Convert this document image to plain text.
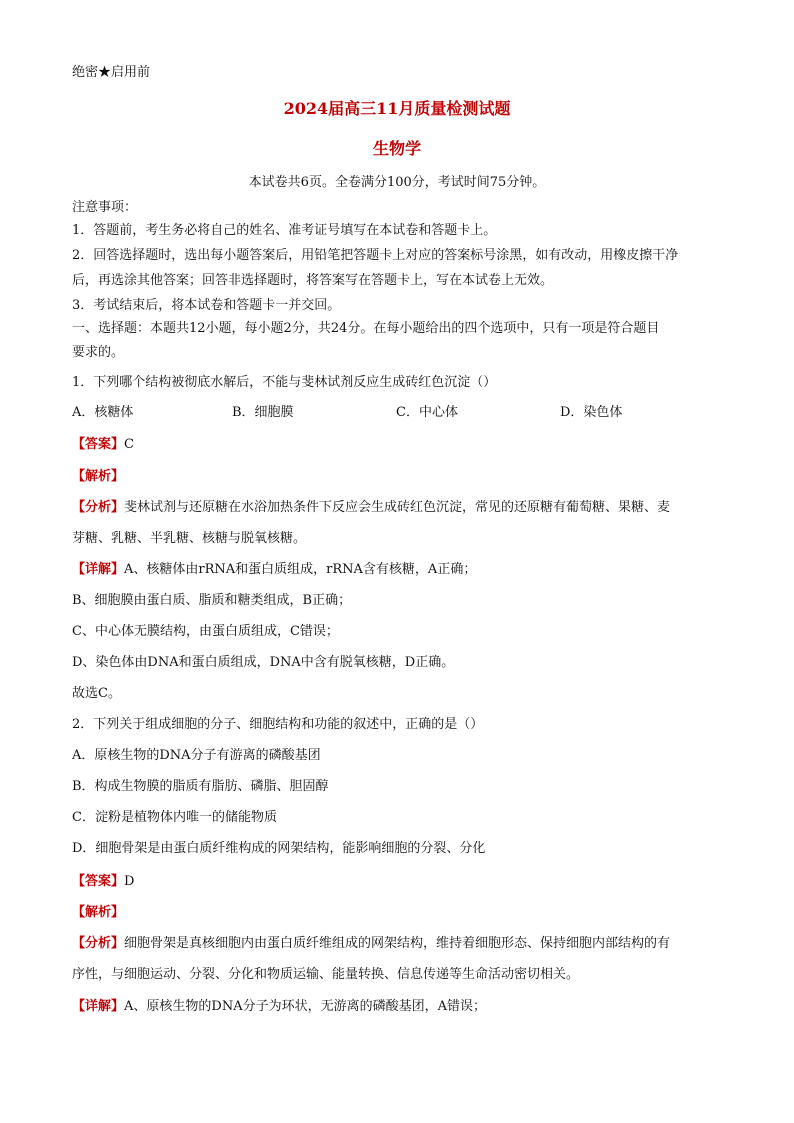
绝密★启用前
2024届高三11月质量检测试题
生物学
本试卷共6页。全卷满分100分，考试时间75分钟。
注意事项：
1．答题前，考生务必将自己的姓名、准考证号填写在本试卷和答题卡上。
2．回答选择题时，选出每小题答案后，用铅笔把答题卡上对应的答案标号涂黑，如有改动，用橡皮擦干净
后，再选涂其他答案；回答非选择题时，将答案写在答题卡上，写在本试卷上无效。
3．考试结束后，将本试卷和答题卡一并交回。
一、选择题：本题共12小题，每小题2分，共24分。在每小题给出的四个选项中，只有一项是符合题目
要求的。
1．下列哪个结构被彻底水解后，不能与斐林试剂反应生成砖红色沉淀（）
A．核糖体	B．细胞膜	C．中心体	D．染色体
【答案】C
【解析】
【分析】斐林试剂与还原糖在水浴加热条件下反应会生成砖红色沉淀，常见的还原糖有葡萄糖、果糖、麦
芽糖、乳糖、半乳糖、核糖与脱氧核糖。
【详解】A、核糖体由rRNA和蛋白质组成，rRNA含有核糖，A正确；
B、细胞膜由蛋白质、脂质和糖类组成，B正确；
C、中心体无膜结构，由蛋白质组成，C错误；
D、染色体由DNA和蛋白质组成，DNA中含有脱氧核糖，D正确。
故选C。
2．下列关于组成细胞的分子、细胞结构和功能的叙述中，正确的是（）
A．原核生物的DNA分子有游离的磷酸基团
B．构成生物膜的脂质有脂肪、磷脂、胆固醇
C．淀粉是植物体内唯一的储能物质
D．细胞骨架是由蛋白质纤维构成的网架结构，能影响细胞的分裂、分化
【答案】D
【解析】
【分析】细胞骨架是真核细胞内由蛋白质纤维组成的网架结构，维持着细胞形态、保持细胞内部结构的有
序性，与细胞运动、分裂、分化和物质运输、能量转换、信息传递等生命活动密切相关。
【详解】A、原核生物的DNA分子为环状，无游离的磷酸基团，A错误；
